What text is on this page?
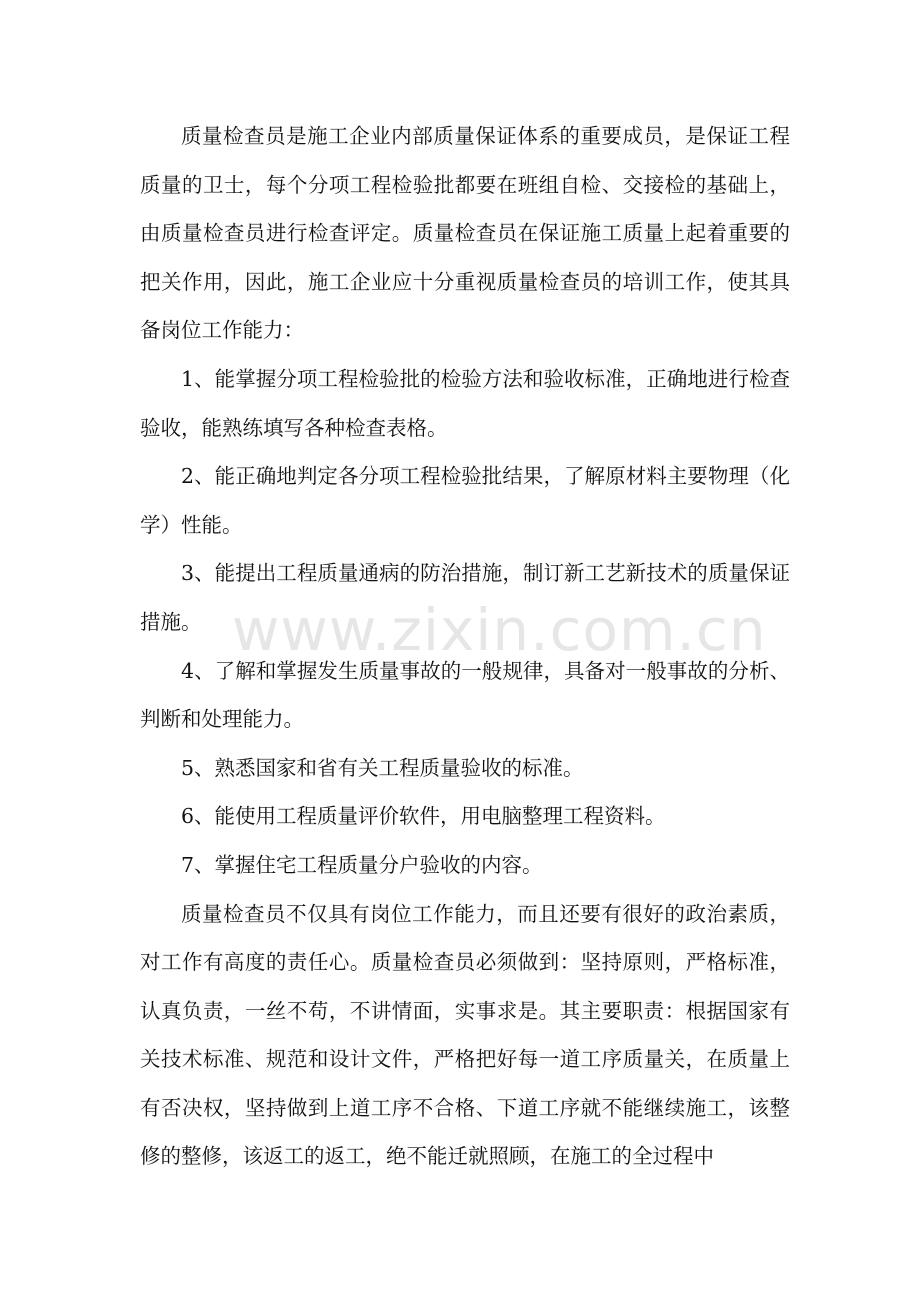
质量检查员是施工企业内部质量保证体系的重要成员，是保证工程质量的卫士，每个分项工程检验批都要在班组自检、交接检的基础上，由质量检查员进行检查评定。质量检查员在保证施工质量上起着重要的把关作用，因此，施工企业应十分重视质量检查员的培训工作，使其具备岗位工作能力：

1、能掌握分项工程检验批的检验方法和验收标准，正确地进行检查验收，能熟练填写各种检查表格。

2、能正确地判定各分项工程检验批结果，了解原材料主要物理（化学）性能。

3、能提出工程质量通病的防治措施，制订新工艺新技术的质量保证措施。

4、了解和掌握发生质量事故的一般规律，具备对一般事故的分析、判断和处理能力。

5、熟悉国家和省有关工程质量验收的标准。

6、能使用工程质量评价软件，用电脑整理工程资料。

7、掌握住宅工程质量分户验收的内容。

质量检查员不仅具有岗位工作能力，而且还要有很好的政治素质，对工作有高度的责任心。质量检查员必须做到：坚持原则，严格标准，认真负责，一丝不苟，不讲情面，实事求是。其主要职责：根据国家有关技术标准、规范和设计文件，严格把好每一道工序质量关，在质量上有否决权，坚持做到上道工序不合格、下道工序就不能继续施工，该整修的整修，该返工的返工，绝不能迁就照顾，在施工的全过程中

www.zixin.com.cn
